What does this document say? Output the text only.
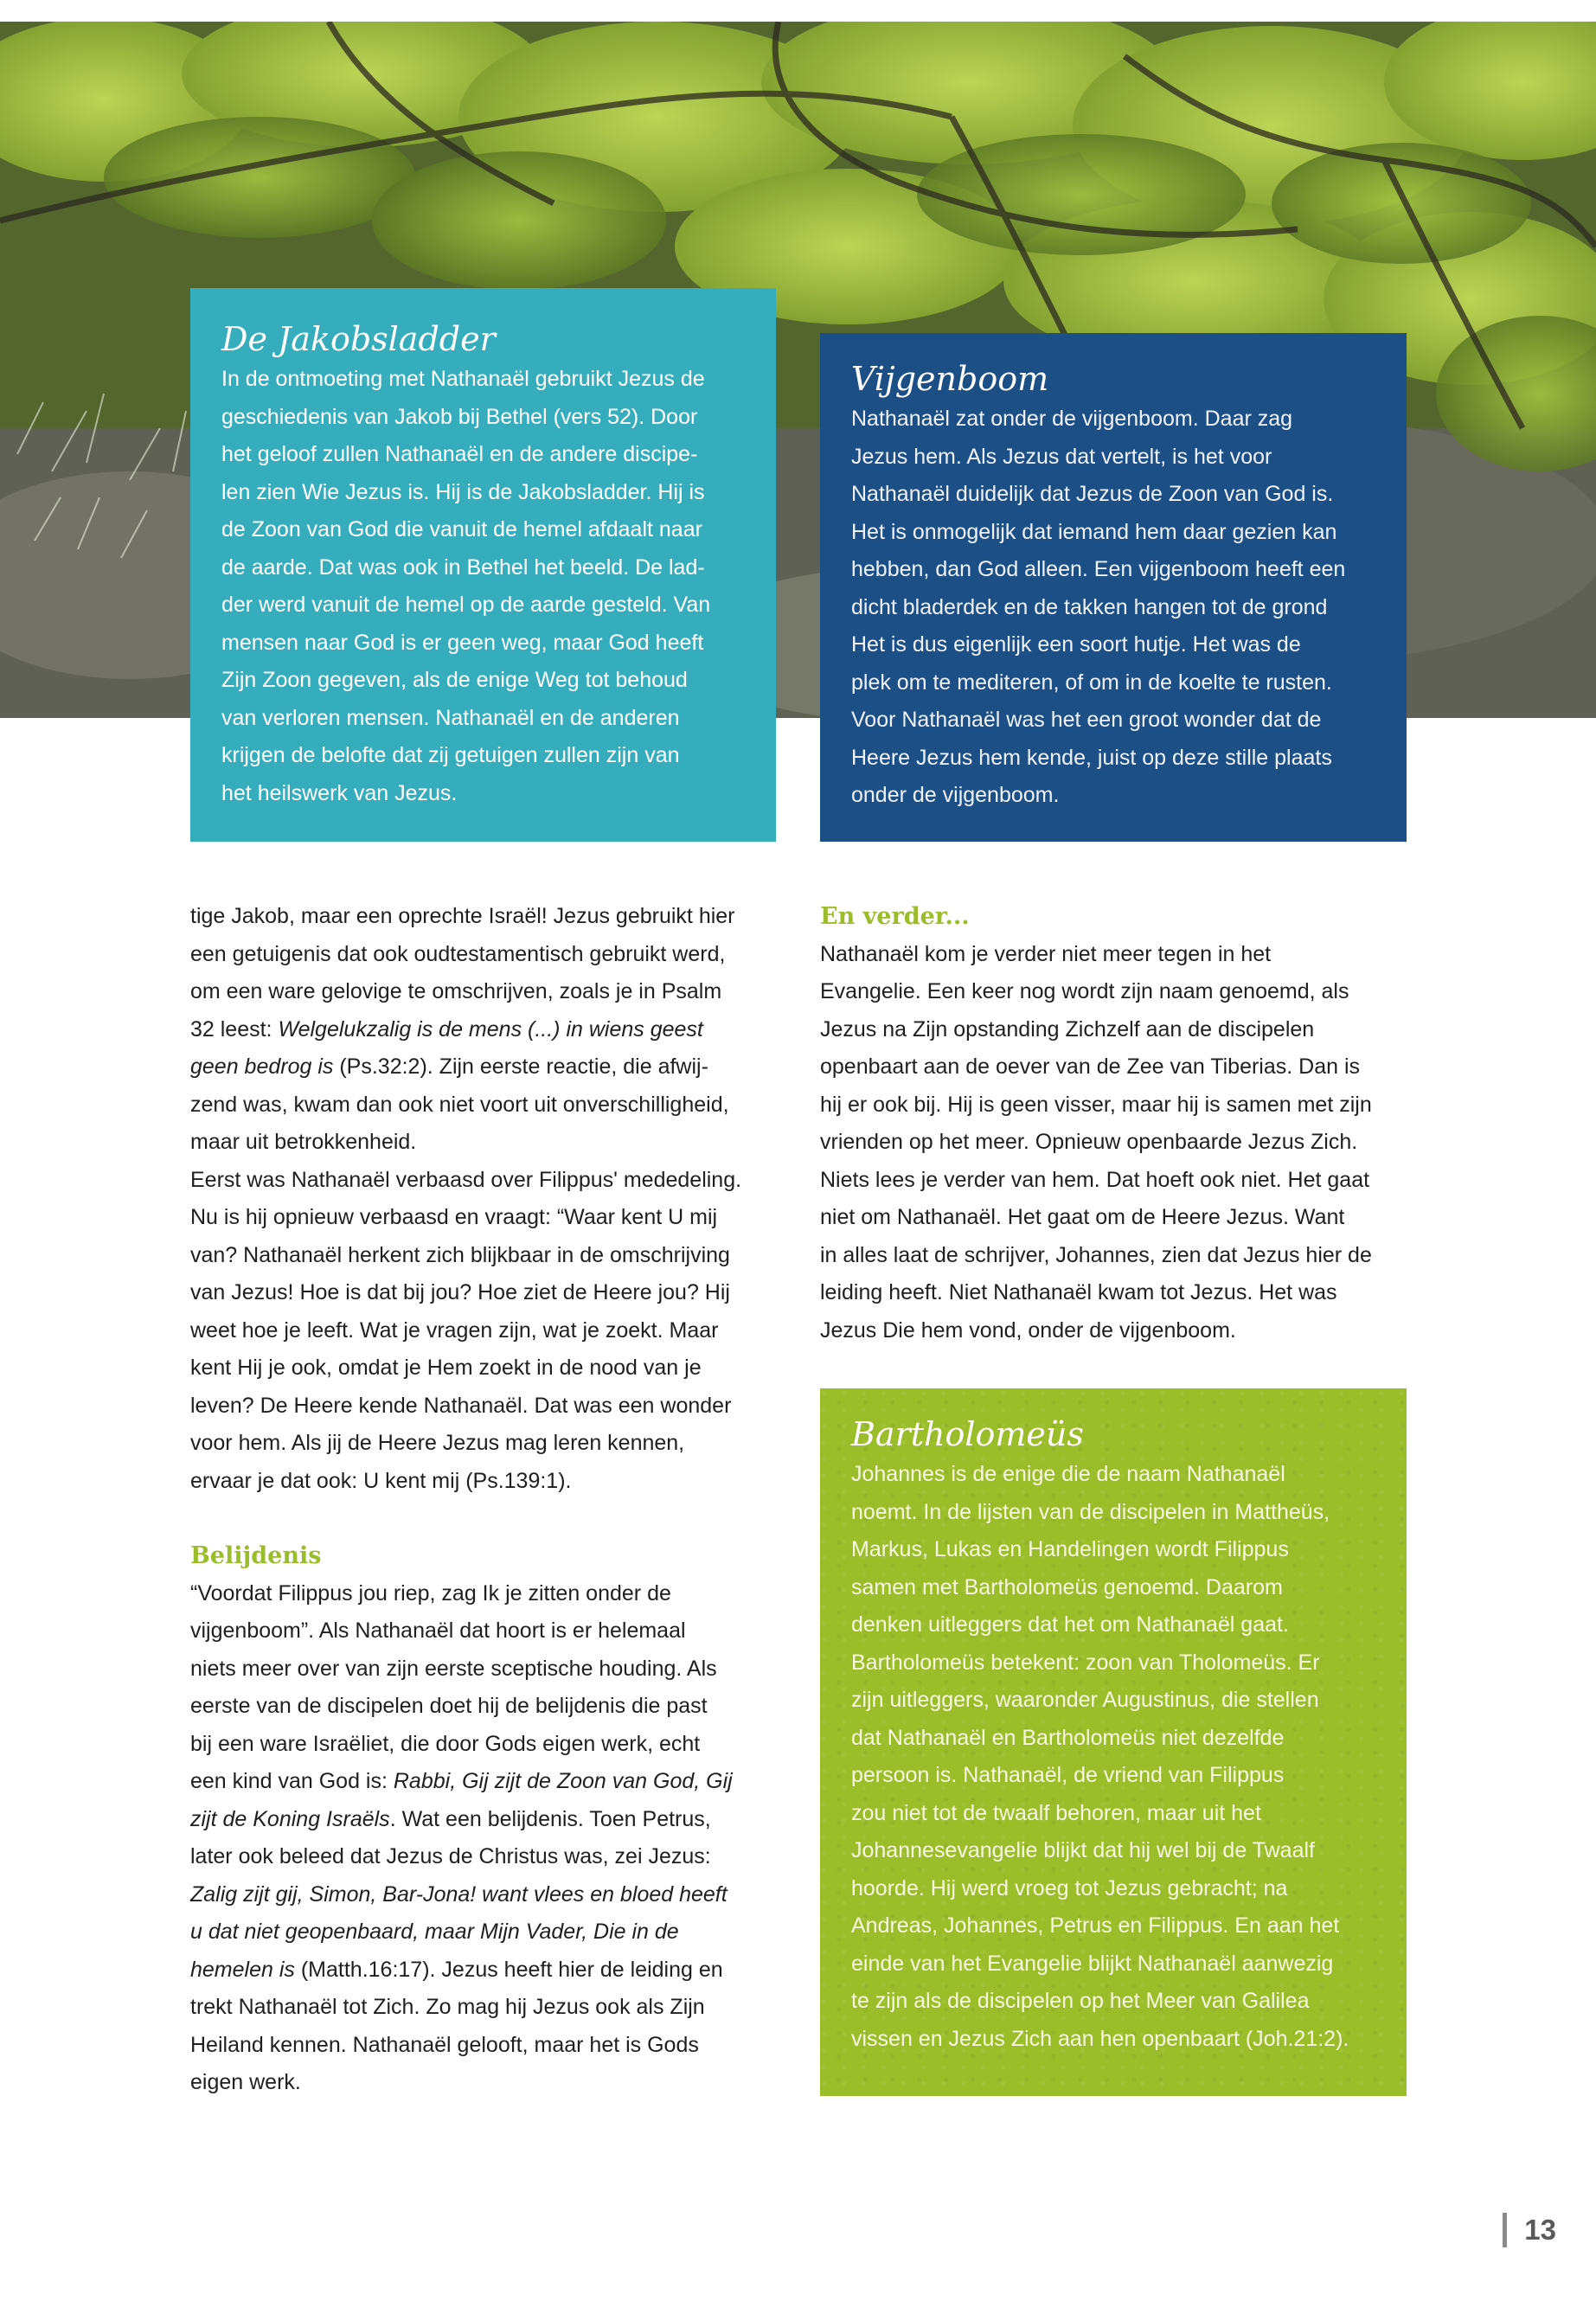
De Jakobsladder

In de ontmoeting met Nathanaël gebruikt Jezus de

geschiedenis van Jakob bij Bethel (vers 52). Door

het geloof zullen Nathanaël en de andere discipe-

len zien Wie Jezus is. Hij is de Jakobsladder. Hij is

de Zoon van God die vanuit de hemel afdaalt naar

de aarde. Dat was ook in Bethel het beeld. De lad-

der werd vanuit de hemel op de aarde gesteld. Van

mensen naar God is er geen weg, maar God heeft

Zijn Zoon gegeven, als de enige Weg tot behoud

van verloren mensen. Nathanaël en de anderen

krijgen de belofte dat zij getuigen zullen zijn van

het heilswerk van Jezus.

Vijgenboom

Nathanaël zat onder de vijgenboom. Daar zag

Jezus hem. Als Jezus dat vertelt, is het voor

Nathanaël duidelijk dat Jezus de Zoon van God is.

Het is onmogelijk dat iemand hem daar gezien kan

hebben, dan God alleen. Een vijgenboom heeft een

dicht bladerdek en de takken hangen tot de grond

Het is dus eigenlijk een soort hutje. Het was de

plek om te mediteren, of om in de koelte te rusten.

Voor Nathanaël was het een groot wonder dat de

Heere Jezus hem kende, juist op deze stille plaats

onder de vijgenboom.

tige Jakob, maar een oprechte Israël! Jezus gebruikt hier

een getuigenis dat ook oudtestamentisch gebruikt werd,

om een ware gelovige te omschrijven, zoals je in Psalm

32 leest: Welgelukzalig is de mens (...) in wiens geest

geen bedrog is (Ps.32:2). Zijn eerste reactie, die afwij-

zend was, kwam dan ook niet voort uit onverschilligheid,

maar uit betrokkenheid.

Eerst was Nathanaël verbaasd over Filippus' mededeling.

Nu is hij opnieuw verbaasd en vraagt: “Waar kent U mij

van? Nathanaël herkent zich blijkbaar in de omschrijving

van Jezus! Hoe is dat bij jou? Hoe ziet de Heere jou? Hij

weet hoe je leeft. Wat je vragen zijn, wat je zoekt. Maar

kent Hij je ook, omdat je Hem zoekt in de nood van je

leven? De Heere kende Nathanaël. Dat was een wonder

voor hem. Als jij de Heere Jezus mag leren kennen,

ervaar je dat ook: U kent mij (Ps.139:1).

Belijdenis

“Voordat Filippus jou riep, zag Ik je zitten onder de

vijgenboom”. Als Nathanaël dat hoort is er helemaal

niets meer over van zijn eerste sceptische houding. Als

eerste van de discipelen doet hij de belijdenis die past

bij een ware Israëliet, die door Gods eigen werk, echt

een kind van God is: Rabbi, Gij zijt de Zoon van God, Gij

zijt de Koning Israëls. Wat een belijdenis. Toen Petrus,

later ook beleed dat Jezus de Christus was, zei Jezus:

Zalig zijt gij, Simon, Bar-Jona! want vlees en bloed heeft

u dat niet geopenbaard, maar Mijn Vader, Die in de

hemelen is (Matth.16:17). Jezus heeft hier de leiding en

trekt Nathanaël tot Zich. Zo mag hij Jezus ook als Zijn

Heiland kennen. Nathanaël gelooft, maar het is Gods

eigen werk.

En verder...

Nathanaël kom je verder niet meer tegen in het

Evangelie. Een keer nog wordt zijn naam genoemd, als

Jezus na Zijn opstanding Zichzelf aan de discipelen

openbaart aan de oever van de Zee van Tiberias. Dan is

hij er ook bij. Hij is geen visser, maar hij is samen met zijn

vrienden op het meer. Opnieuw openbaarde Jezus Zich.

Niets lees je verder van hem. Dat hoeft ook niet. Het gaat

niet om Nathanaël. Het gaat om de Heere Jezus. Want

in alles laat de schrijver, Johannes, zien dat Jezus hier de

leiding heeft. Niet Nathanaël kwam tot Jezus. Het was

Jezus Die hem vond, onder de vijgenboom.

Bartholomeüs

Johannes is de enige die de naam Nathanaël

noemt. In de lijsten van de discipelen in Mattheüs,

Markus, Lukas en Handelingen wordt Filippus

samen met Bartholomeüs genoemd. Daarom

denken uitleggers dat het om Nathanaël gaat.

Bartholomeüs betekent: zoon van Tholomeüs. Er

zijn uitleggers, waaronder Augustinus, die stellen

dat Nathanaël en Bartholomeüs niet dezelfde

persoon is. Nathanaël, de vriend van Filippus

zou niet tot de twaalf behoren, maar uit het

Johannesevangelie blijkt dat hij wel bij de Twaalf

hoorde. Hij werd vroeg tot Jezus gebracht; na

Andreas, Johannes, Petrus en Filippus. En aan het

einde van het Evangelie blijkt Nathanaël aanwezig

te zijn als de discipelen op het Meer van Galilea

vissen en Jezus Zich aan hen openbaart (Joh.21:2).

13
